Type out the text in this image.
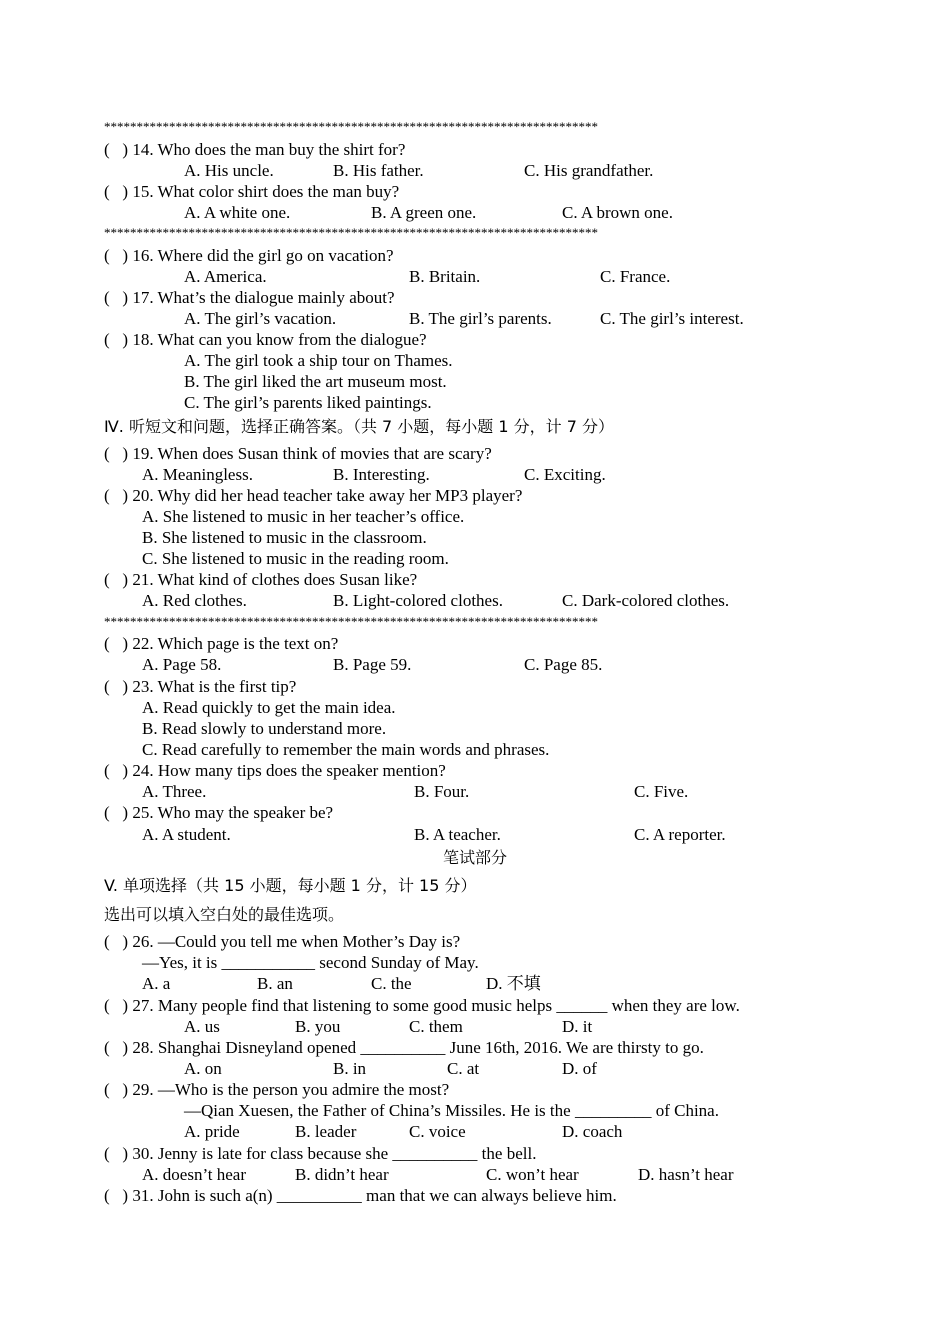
****************************************************************************
(   ) 14. Who does the man buy the shirt for?
A. His uncle.	B. His father.	C. His grandfather.
(   ) 15. What color shirt does the man buy?
A. A white one.	B. A green one.	C. A brown one.
****************************************************************************
(   ) 16. Where did the girl go on vacation?
A. America.	B. Britain.	C. France.
(   ) 17. What’s the dialogue mainly about?
A. The girl’s vacation.	B. The girl’s parents.	C. The girl’s interest.
(   ) 18. What can you know from the dialogue?
A. The girl took a ship tour on Thames.
B. The girl liked the art museum most.
C. The girl’s parents liked paintings.
Ⅳ. 听短文和问题，选择正确答案。（共 7 小题，每小题 1 分，计 7 分）
(   ) 19. When does Susan think of movies that are scary?
A. Meaningless.	B. Interesting.	C. Exciting.
(   ) 20. Why did her head teacher take away her MP3 player?
A. She listened to music in her teacher’s office.
B. She listened to music in the classroom.
C. She listened to music in the reading room.
(   ) 21. What kind of clothes does Susan like?
A. Red clothes.	B. Light-colored clothes.	C. Dark-colored clothes.
****************************************************************************
(   ) 22. Which page is the text on?
A. Page 58.	B. Page 59.	C. Page 85.
(   ) 23. What is the first tip?
A. Read quickly to get the main idea.
B. Read slowly to understand more.
C. Read carefully to remember the main words and phrases.
(   ) 24. How many tips does the speaker mention?
A. Three.	B. Four.	C. Five.
(   ) 25. Who may the speaker be?
A. A student.	B. A teacher.	C. A reporter.
笔试部分
V. 单项选择（共 15 小题，每小题 1 分，计 15 分）
选出可以填入空白处的最佳选项。
(   ) 26. —Could you tell me when Mother’s Day is?
—Yes, it is ___________ second Sunday of May.
A. a	B. an	C. the	D. 不填
(   ) 27. Many people find that listening to some good music helps ______ when they are low.
A. us	B. you	C. them	D. it
(   ) 28. Shanghai Disneyland opened __________ June 16th, 2016. We are thirsty to go.
A. on	B. in	C. at	D. of
(   ) 29. —Who is the person you admire the most?
—Qian Xuesen, the Father of China’s Missiles. He is the _________ of China.
A. pride	B. leader	C. voice	D. coach
(   ) 30. Jenny is late for class because she __________ the bell.
A. doesn’t hear	B. didn’t hear	C. won’t hear	D. hasn’t hear
(   ) 31. John is such a(n) __________ man that we can always believe him.
